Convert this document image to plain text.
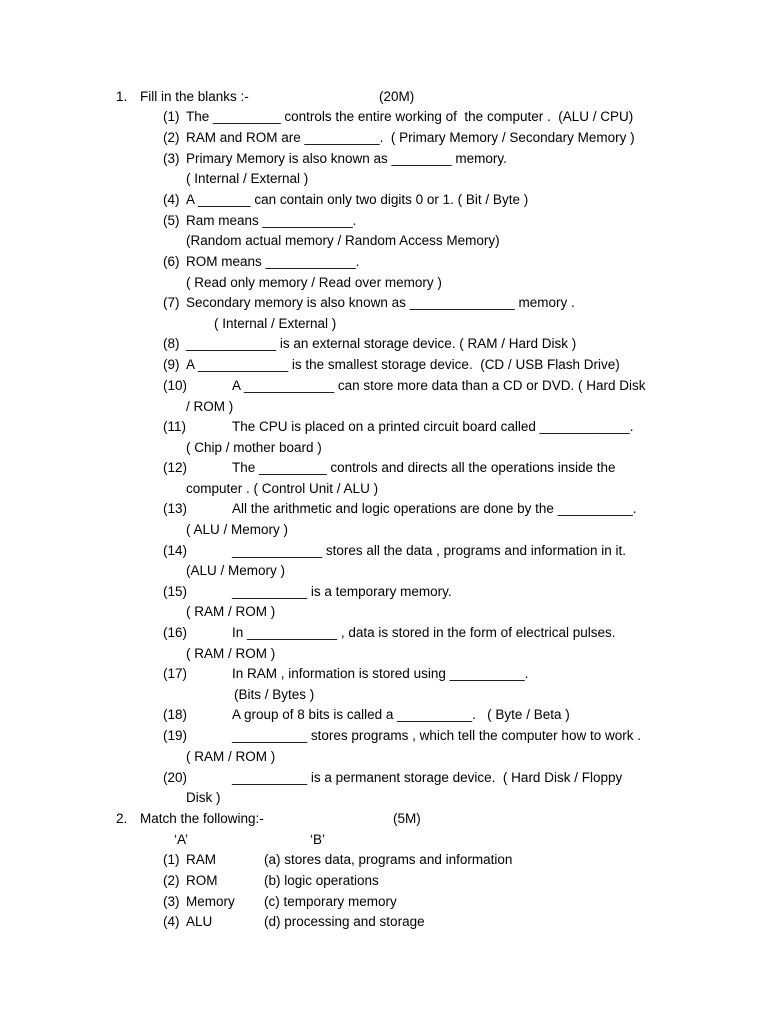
1. Fill in the blanks :-	(20M)
(1) The _________ controls the entire working of  the computer .  (ALU / CPU)
(2) RAM and ROM are __________.  ( Primary Memory / Secondary Memory )
(3) Primary Memory is also known as ________ memory.
( Internal / External )
(4) A _______ can contain only two digits 0 or 1. ( Bit / Byte )
(5) Ram means ____________.
(Random actual memory / Random Access Memory)
(6) ROM means ____________.
( Read only memory / Read over memory )
(7) Secondary memory is also known as ______________ memory .
( Internal / External )
(8) ____________ is an external storage device. ( RAM / Hard Disk )
(9) A ____________ is the smallest storage device.  (CD / USB Flash Drive)
(10)	A ____________ can store more data than a CD or DVD. ( Hard Disk
/ ROM )
(11)	The CPU is placed on a printed circuit board called ____________.
( Chip / mother board )
(12)	The _________ controls and directs all the operations inside the
computer . ( Control Unit / ALU )
(13)	All the arithmetic and logic operations are done by the __________.
( ALU / Memory )
(14)	____________ stores all the data , programs and information in it.
(ALU / Memory )
(15)	__________ is a temporary memory.
( RAM / ROM )
(16)	In ____________ , data is stored in the form of electrical pulses.
( RAM / ROM )
(17)	In RAM , information is stored using __________.
(Bits / Bytes )
(18)	A group of 8 bits is called a __________.   ( Byte / Beta )
(19)	__________ stores programs , which tell the computer how to work .
( RAM / ROM )
(20)	__________ is a permanent storage device.  ( Hard Disk / Floppy
Disk )
2. Match the following:-	(5M)
‘A’	‘B’
(1) RAM	(a) stores data, programs and information
(2) ROM	(b) logic operations
(3) Memory (c) temporary memory
(4) ALU	(d) processing and storage
